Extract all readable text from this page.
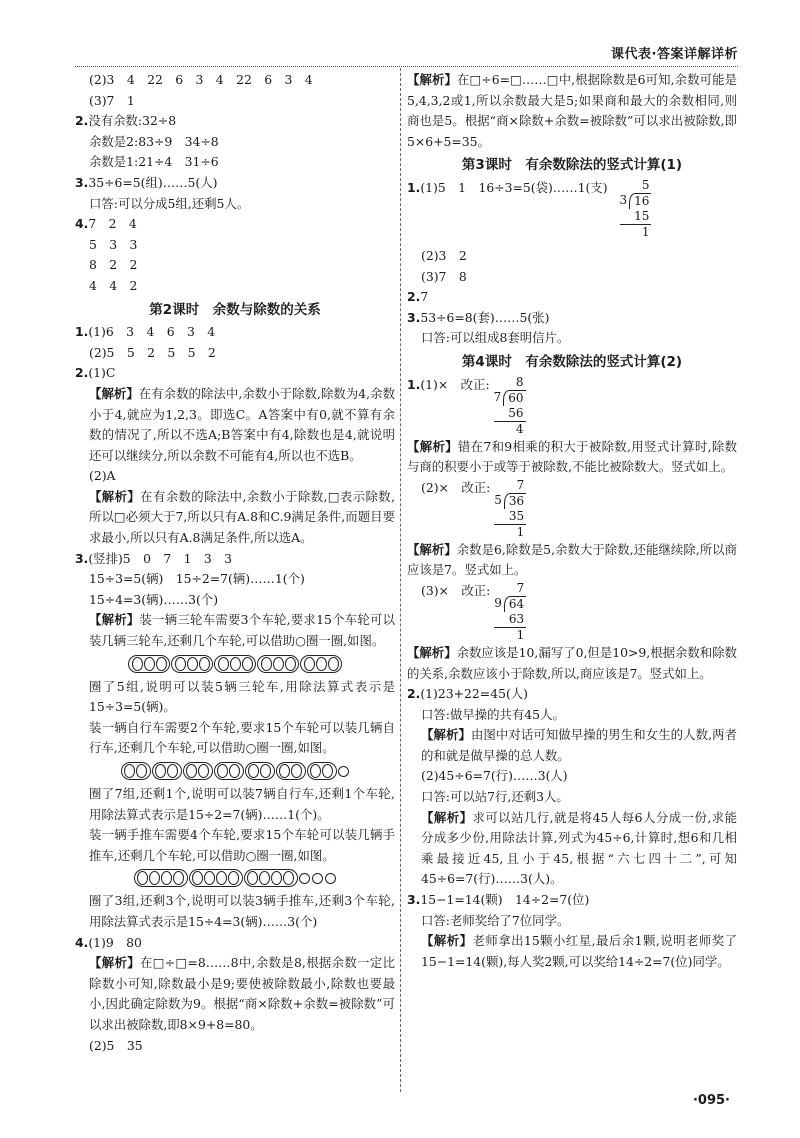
课代表·答案详解详析
(2)3　4　22　6　3　4　22　6　3　4
(3)7　1
2.没有余数:32÷8
余数是2:83÷9　34÷8
余数是1:21÷4　31÷6
3.35÷6=5(组)……5(人)
口答:可以分成5组,还剩5人。
4.7　2　4
5　3　3
8　2　2
4　4　2
第2课时　余数与除数的关系
1.(1)6　3　4　6　3　4
(2)5　5　2　5　5　2
2.(1)C
【解析】在有余数的除法中,余数小于除数,除数为4,余数小于4,就应为1,2,3。即选C。A答案中有0,就不算有余数的情况了,所以不选A;B答案中有4,除数也是4,就说明还可以继续分,所以余数不可能有4,所以也不选B。
(2)A
【解析】在有余数的除法中,余数小于除数,□表示除数,所以□必须大于7,所以只有A.8和C.9满足条件,而题目要求最小,所以只有A.8满足条件,所以选A。
3.(竖排)5　0　7　1　3　3
15÷3=5(辆)　15÷2=7(辆)……1(个)
15÷4=3(辆)……3(个)
【解析】装一辆三轮车需要3个车轮,要求15个车轮可以装几辆三轮车,还剩几个车轮,可以借助○圈一圈,如图。
圈了5组,说明可以装5辆三轮车,用除法算式表示是15÷3=5(辆)。
装一辆自行车需要2个车轮,要求15个车轮可以装几辆自行车,还剩几个车轮,可以借助○圈一圈,如图。
圈了7组,还剩1个,说明可以装7辆自行车,还剩1个车轮,用除法算式表示是15÷2=7(辆)……1(个)。
装一辆手推车需要4个车轮,要求15个车轮可以装几辆手推车,还剩几个车轮,可以借助○圈一圈,如图。
圈了3组,还剩3个,说明可以装3辆手推车,还剩3个车轮,用除法算式表示是15÷4=3(辆)……3(个)
4.(1)9　80
【解析】在□÷□=8……8中,余数是8,根据余数一定比除数小可知,除数最小是9;要使被除数最小,除数也要最小,因此确定除数为9。根据“商×除数+余数=被除数”可以求出被除数,即8×9+8=80。
(2)5　35
【解析】在□÷6=□……□中,根据除数是6可知,余数可能是5,4,3,2或1,所以余数最大是5;如果商和最大的余数相同,则商也是5。根据“商×除数+余数=被除数”可以求出被除数,即5×6+5=35。
第3课时　有余数除法的竖式计算(1)
1. (1)5　1　16÷3=5(袋)……1(支)	5
3 16
15
1
(2)3　2
(3)7　8
2.7
3.53÷6=8(套)……5(张)
口答:可以组成8套明信片。
第4课时　有余数除法的竖式计算(2)
1. (1)×　改正:	8
7 60
56
4
【解析】错在7和9相乘的积大于被除数,用竖式计算时,除数与商的积要小于或等于被除数,不能比被除数大。竖式如上。
(2)×　改正:	7
5 36
35
1
【解析】余数是6,除数是5,余数大于除数,还能继续除,所以商应该是7。竖式如上。
(3)×　改正:	7
9 64
63
1
【解析】余数应该是10,漏写了0,但是10>9,根据余数和除数的关系,余数应该小于除数,所以,商应该是7。竖式如上。
2.(1)23+22=45(人)
口答:做早操的共有45人。
【解析】由图中对话可知做早操的男生和女生的人数,两者的和就是做早操的总人数。
(2)45÷6=7(行)……3(人)
口答:可以站7行,还剩3人。
【解析】求可以站几行,就是将45人每6人分成一份,求能分成多少份,用除法计算,列式为45÷6,计算时,想6和几相乘最接近45,且小于45,根据“六七四十二”,可知45÷6=7(行)……3(人)。
3.15−1=14(颗)　14÷2=7(位)
口答:老师奖给了7位同学。
【解析】老师拿出15颗小红星,最后余1颗,说明老师奖了15−1=14(颗),每人奖2颗,可以奖给14÷2=7(位)同学。
·095·
